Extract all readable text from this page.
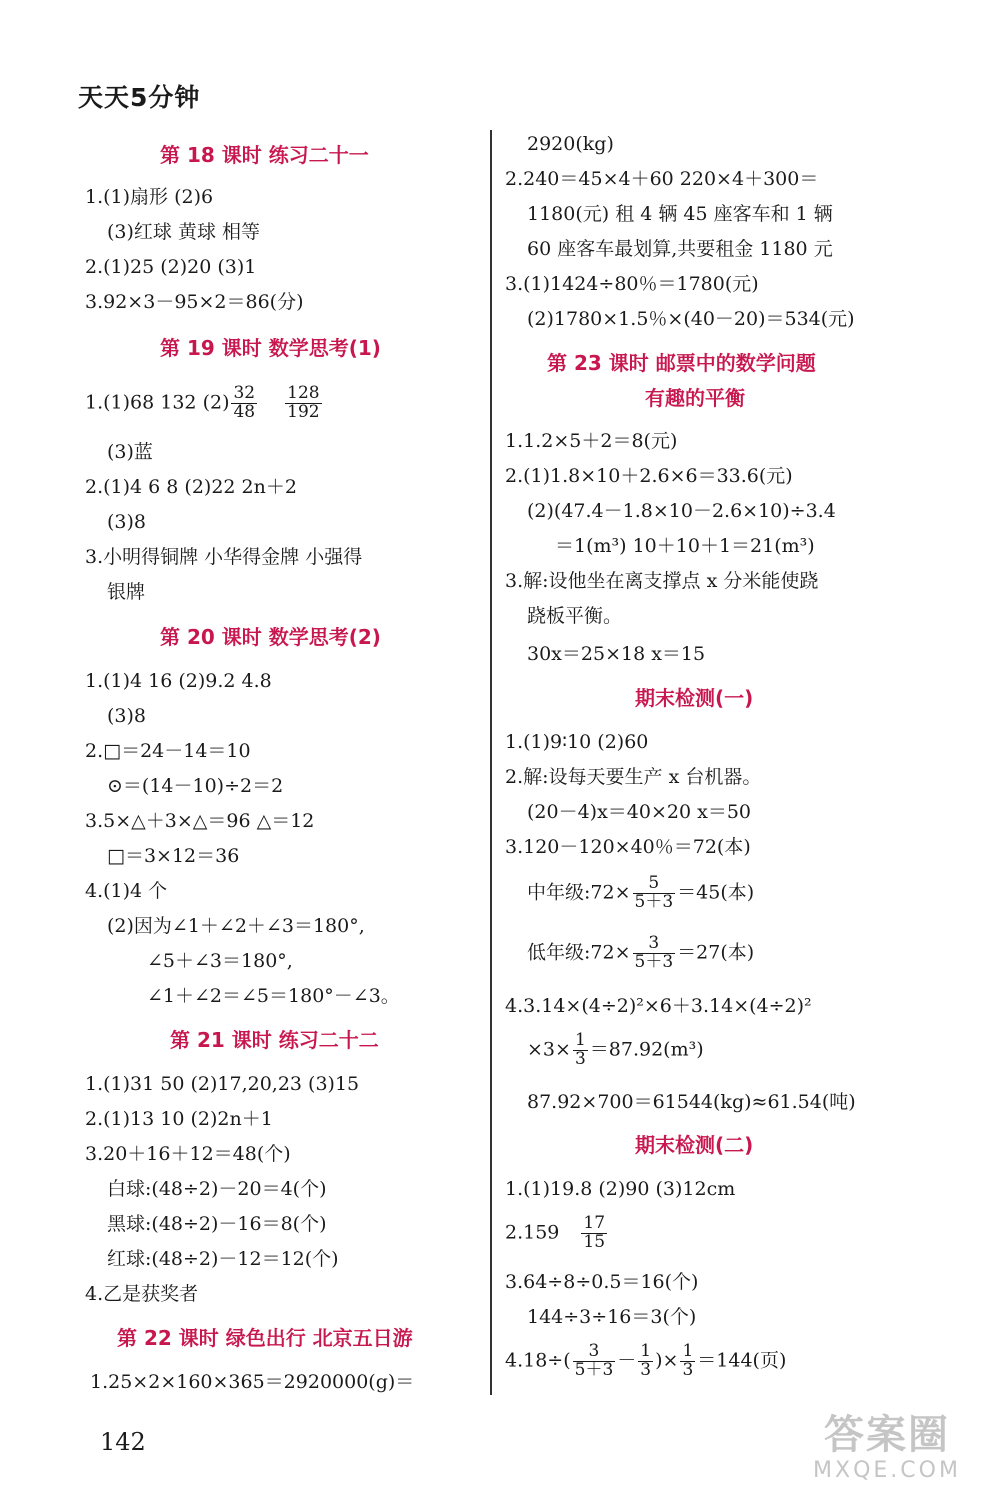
天天5分钟
第 18 课时 练习二十一
1.(1)扇形 (2)6
(3)红球 黄球 相等
2.(1)25 (2)20 (3)1
3.92×3－95×2＝86(分)
第 19 课时 数学思考(1)
1.(1)68 132 $(2) \frac{32}{48}$
$\frac{128}{192}$
(3)蓝
2.(1)4 6 8 (2)22 2n＋2
(3)8
3.小明得铜牌 小华得金牌 小强得
银牌
第 20 课时 数学思考(2)
1.(1)4 16 (2)9.2 4.8
(3)8
2.□＝24－14＝10
⊙＝(14－10)÷2＝2
3.5×△＋3×△＝96 △＝12
□＝3×12＝36
4.(1)4 个
(2)因为∠1＋∠2＋∠3＝180°,
∠5＋∠3＝180°,
∠1＋∠2＝∠5＝180°－∠3。
第 21 课时 练习二十二
1.(1)31 50 (2)17,20,23 (3)15
2.(1)13 10 (2)2n＋1
3.20＋16＋12＝48(个)
白球:(48÷2)－20＝4(个)
黑球:(48÷2)－16＝8(个)
红球:(48÷2)－12＝12(个)
4.乙是获奖者
第 22 课时 绿色出行 北京五日游
1.25×2×160×365＝2920000(g)＝
2920(kg)
2.240＝45×4＋60 220×4＋300＝
1180(元) 租 4 辆 45 座客车和 1 辆
60 座客车最划算,共要租金 1180 元
3.(1)1424÷80％＝1780(元)
(2)1780×1.5％×(40－20)＝534(元)
第 23 课时 邮票中的数学问题
有趣的平衡
1.1.2×5＋2＝8(元)
2.(1)1.8×10＋2.6×6＝33.6(元)
(2)(47.4－1.8×10－2.6×10)÷3.4
＝1(m³) 10＋10＋1＝21(m³)
3.解:设他坐在离支撑点 x 分米能使跷
跷板平衡。
30x＝25×18 x＝15
期末检测(一)
1.(1)9∶10 (2)60
2.解:设每天要生产 x 台机器。
(20－4)x＝40×20 x＝50
3.120－120×40％＝72(本)
中年级:72× $\frac{5}{5+3} =45$(本)
低年级:72× $\frac{3}{5+3} =27$(本)
4.3.14×(4÷2)²×6＋3.14×(4÷2)²
$\times 3\times \frac{1}{3} =87.92(m^3)$
87.92×700＝61544(kg)≈61.54(吨)
期末检测(二)
1.(1)19.8 (2)90 (3)12cm
$2.159 \frac{17}{15}$
3.64÷8÷0.5＝16(个)
144÷3÷16＝3(个)
$4.18\div( \frac{3}{5+3} - \frac{1}{3}$ )× $\frac{1}{3} =144$(页)
142	答案圈
MXQE.COM
